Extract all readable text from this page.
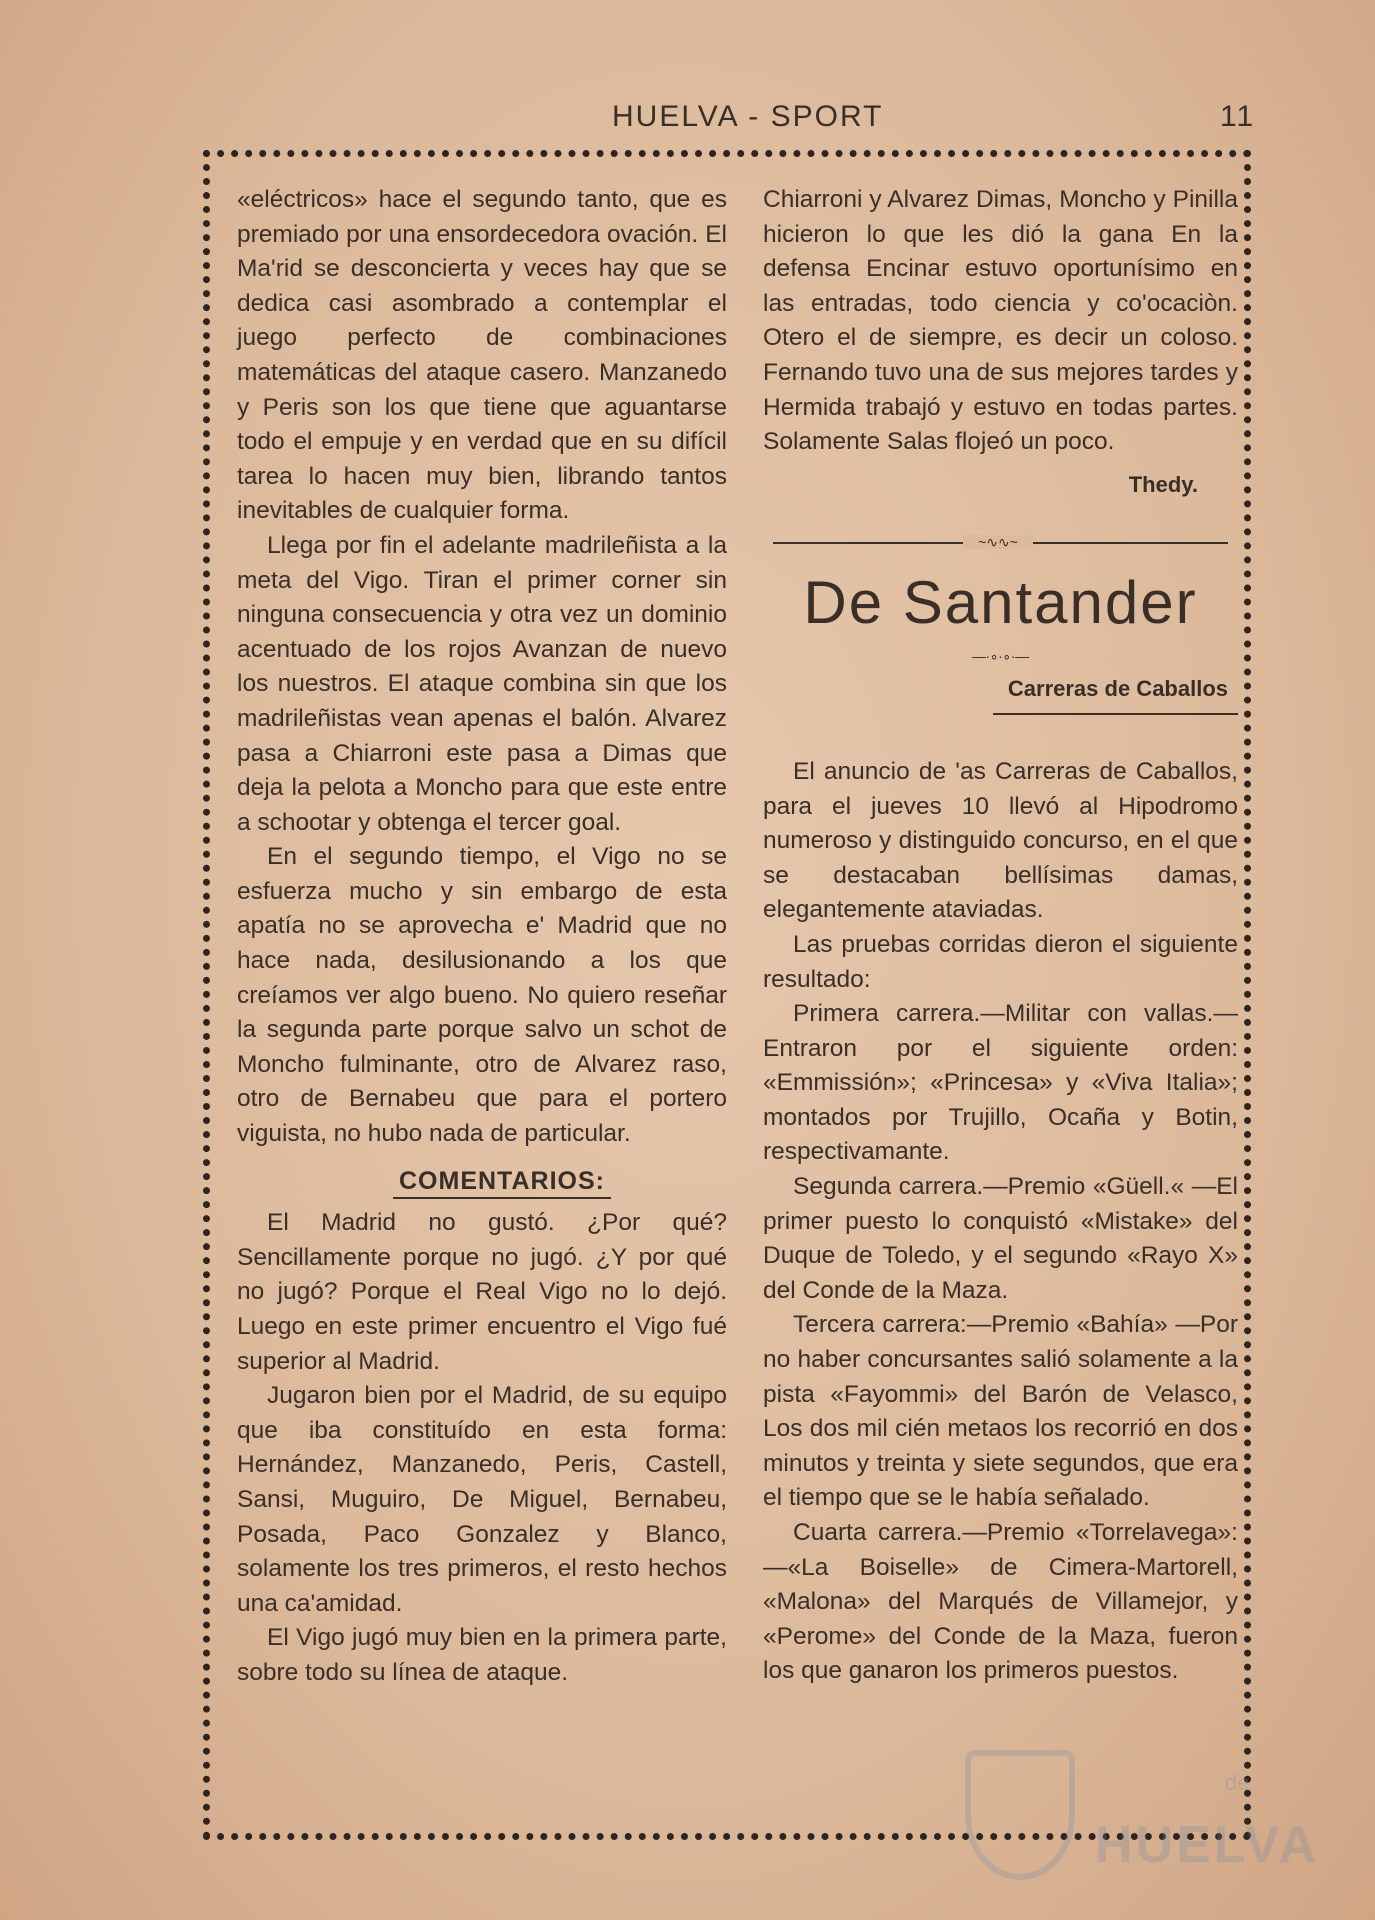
HUELVA - SPORT	11

«eléctricos» hace el segundo tanto, que es premiado por una ensordecedora ovación. El Ma'rid se desconcierta y veces hay que se dedica casi asombrado a contemplar el juego perfecto de combinaciones matemáticas del ataque casero. Manzanedo y Peris son los que tiene que aguantarse todo el empuje y en verdad que en su difícil tarea lo hacen muy bien, librando tantos inevitables de cualquier forma.

Llega por fin el adelante madrileñista a la meta del Vigo. Tiran el primer corner sin ninguna consecuencia y otra vez un dominio acentuado de los rojos Avanzan de nuevo los nuestros. El ataque combina sin que los madrileñistas vean apenas el balón. Alvarez pasa a Chiarroni este pasa a Dimas que deja la pelota a Moncho para que este entre a schootar y obtenga el tercer goal.

En el segundo tiempo, el Vigo no se esfuerza mucho y sin embargo de esta apatía no se aprovecha e' Madrid que no hace nada, desilusionando a los que creíamos ver algo bueno. No quiero reseñar la segunda parte porque salvo un schot de Moncho fulminante, otro de Alvarez raso, otro de Bernabeu que para el portero viguista, no hubo nada de particular.

COMENTARIOS:

El Madrid no gustó. ¿Por qué? Sencillamente porque no jugó. ¿Y por qué no jugó? Porque el Real Vigo no lo dejó. Luego en este primer encuentro el Vigo fué superior al Madrid.

Jugaron bien por el Madrid, de su equipo que iba constituído en esta forma: Hernández, Manzanedo, Peris, Castell, Sansi, Muguiro, De Miguel, Bernabeu, Posada, Paco Gonzalez y Blanco, solamente los tres primeros, el resto hechos una ca'amidad.

El Vigo jugó muy bien en la primera parte, sobre todo su línea de ataque.

Chiarroni y Alvarez Dimas, Moncho y Pinilla hicieron lo que les dió la gana En la defensa Encinar estuvo oportunísimo en las entradas, todo ciencia y co'ocaciòn. Otero el de siempre, es decir un coloso. Fernando tuvo una de sus mejores tardes y Hermida trabajó y estuvo en todas partes. Solamente Salas flojeó un poco.

Thedy.
~∿∿~
De Santander
—∙∘∙∘∙—
Carreras de Caballos

El anuncio de 'as Carreras de Caballos, para el jueves 10 llevó al Hipodromo numeroso y distinguido concurso, en el que se destacaban bellísimas damas, elegantemente ataviadas.

Las pruebas corridas dieron el siguiente resultado:

Primera carrera.—Militar con vallas.—Entraron por el siguiente orden: «Emmissión»; «Princesa» y «Viva Italia»; montados por Trujillo, Ocaña y Botin, respectivamante.

Segunda carrera.—Premio «Güell.« —El primer puesto lo conquistó «Mistake» del Duque de Toledo, y el segundo «Rayo X» del Conde de la Maza.

Tercera carrera:—Premio «Bahía» —Por no haber concursantes salió solamente a la pista «Fayommi» del Barón de Velasco, Los dos mil cién metaos los recorrió en dos minutos y treinta y siete segundos, que era el tiempo que se le había señalado.

Cuarta carrera.—Premio «Torrelavega»:—«La Boiselle» de Cimera-Martorell, «Malona» del Marqués de Villamejor, y «Perome» del Conde de la Maza, fueron los que ganaron los primeros puestos.

de
HUELVA
